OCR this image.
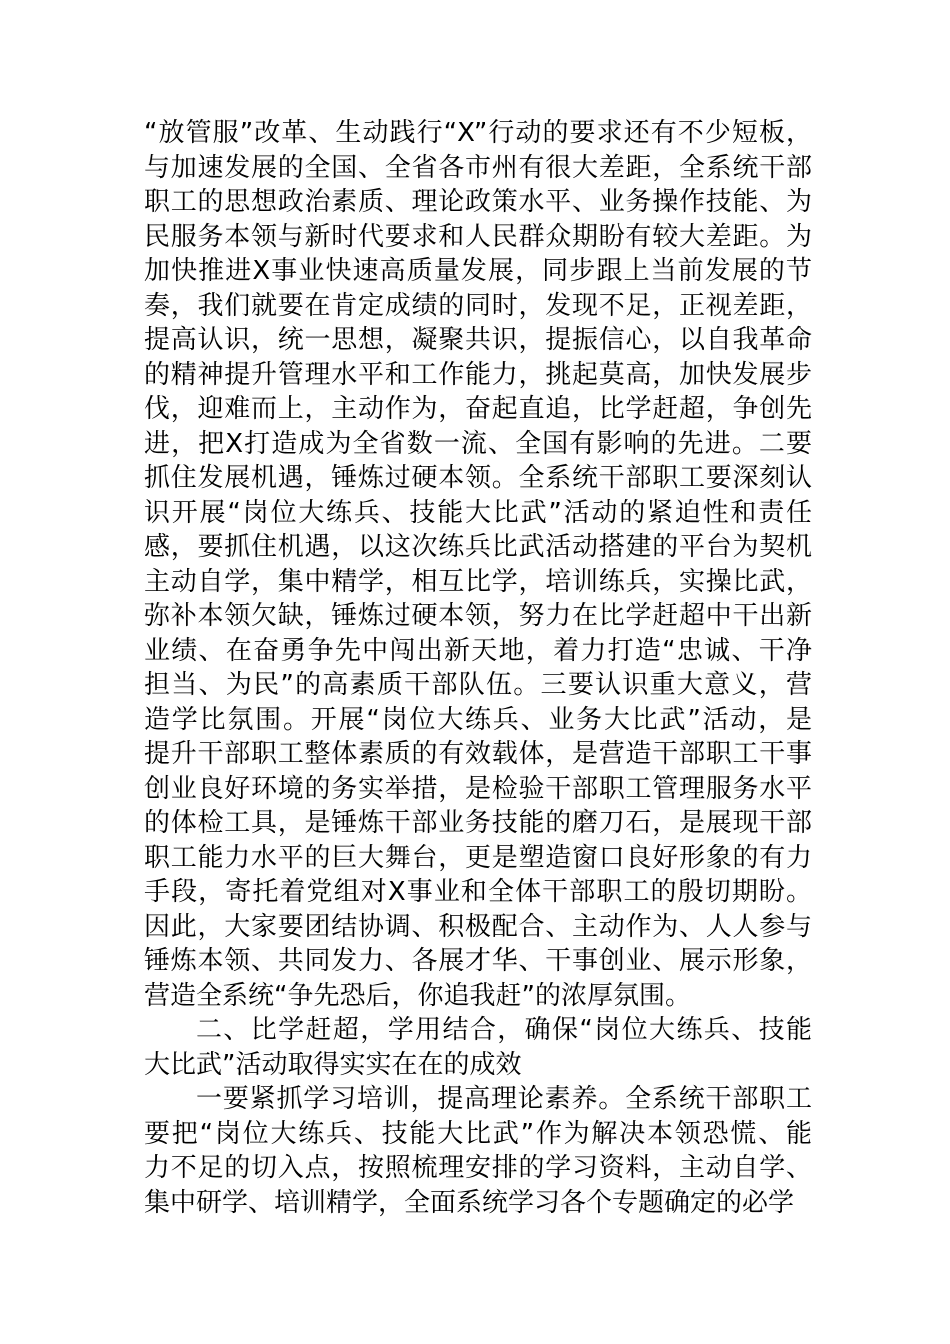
“放管服”改革、生动践行“X”行动的要求还有不少短板，
与加速发展的全国、全省各市州有很大差距，全系统干部
职工的思想政治素质、理论政策水平、业务操作技能、为
民服务本领与新时代要求和人民群众期盼有较大差距。为
加快推进X事业快速高质量发展，同步跟上当前发展的节
奏，我们就要在肯定成绩的同时，发现不足，正视差距，
提高认识，统一思想，凝聚共识，提振信心，以自我革命
的精神提升管理水平和工作能力，挑起莫高，加快发展步
伐，迎难而上，主动作为，奋起直追，比学赶超，争创先
进，把X打造成为全省数一流、全国有影响的先进。二要
抓住发展机遇，锤炼过硬本领。全系统干部职工要深刻认
识开展“岗位大练兵、技能大比武”活动的紧迫性和责任
感，要抓住机遇，以这次练兵比武活动搭建的平台为契机
主动自学，集中精学，相互比学，培训练兵，实操比武，
弥补本领欠缺，锤炼过硬本领，努力在比学赶超中干出新
业绩、在奋勇争先中闯出新天地，着力打造“忠诚、干净
担当、为民”的高素质干部队伍。三要认识重大意义，营
造学比氛围。开展“岗位大练兵、业务大比武”活动，是
提升干部职工整体素质的有效载体，是营造干部职工干事
创业良好环境的务实举措，是检验干部职工管理服务水平
的体检工具，是锤炼干部业务技能的磨刀石，是展现干部
职工能力水平的巨大舞台，更是塑造窗口良好形象的有力
手段，寄托着党组对X事业和全体干部职工的殷切期盼。
因此，大家要团结协调、积极配合、主动作为、人人参与
锤炼本领、共同发力、各展才华、干事创业、展示形象，
营造全系统“争先恐后，你追我赶”的浓厚氛围。
二、比学赶超，学用结合，确保“岗位大练兵、技能
大比武”活动取得实实在在的成效
一要紧抓学习培训，提高理论素养。全系统干部职工
要把“岗位大练兵、技能大比武”作为解决本领恐慌、能
力不足的切入点，按照梳理安排的学习资料，主动自学、
集中研学、培训精学，全面系统学习各个专题确定的必学
